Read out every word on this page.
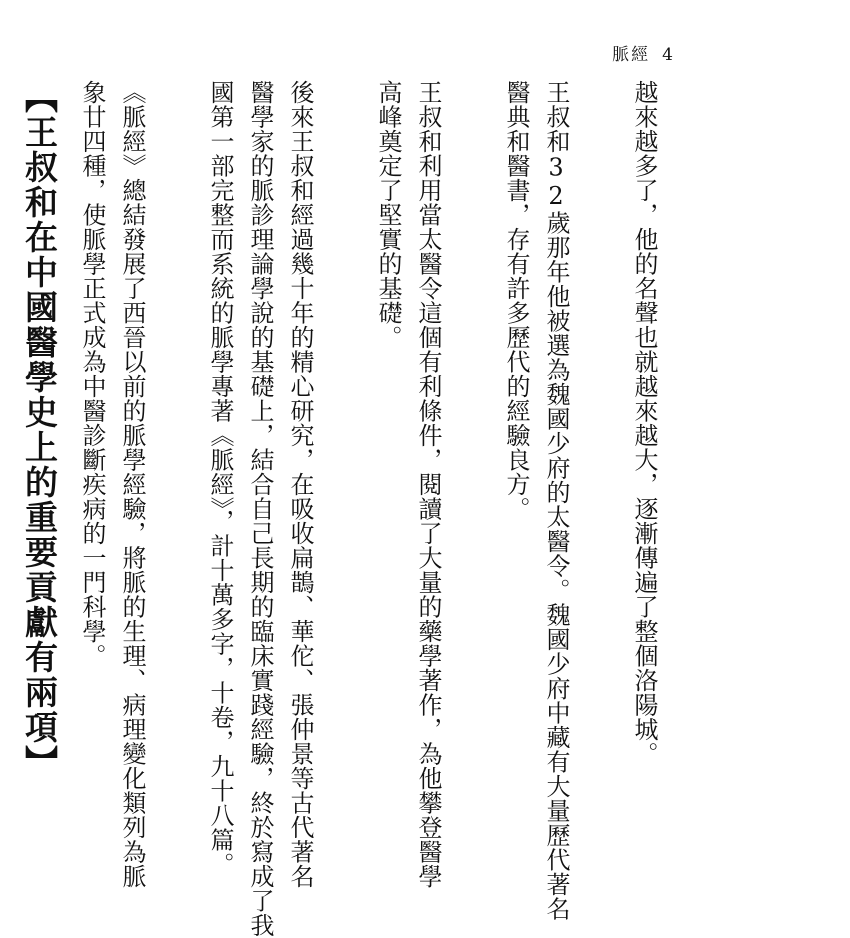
脈經 4

越來越多了，他的名聲也就越來越大，逐漸傳遍了整個洛陽城。

王叔和32歲那年他被選為魏國少府的太醫令。魏國少府中藏有大量歷代著名

醫典和醫書，存有許多歷代的經驗良方。

王叔和利用當太醫令這個有利條件，閱讀了大量的藥學著作，為他攀登醫學

高峰奠定了堅實的基礎。

後來王叔和經過幾十年的精心研究，在吸收扁鵲、華佗、張仲景等古代著名

醫學家的脈診理論學說的基礎上，結合自己長期的臨床實踐經驗，終於寫成了我

國第一部完整而系統的脈學專著《脈經》，計十萬多字，十卷，九十八篇。

《脈經》總結發展了西晉以前的脈學經驗，將脈的生理、病理變化類列為脈

象廿四種，使脈學正式成為中醫診斷疾病的一門科學。

【王叔和在中國醫學史上的重要貢獻有兩項】
